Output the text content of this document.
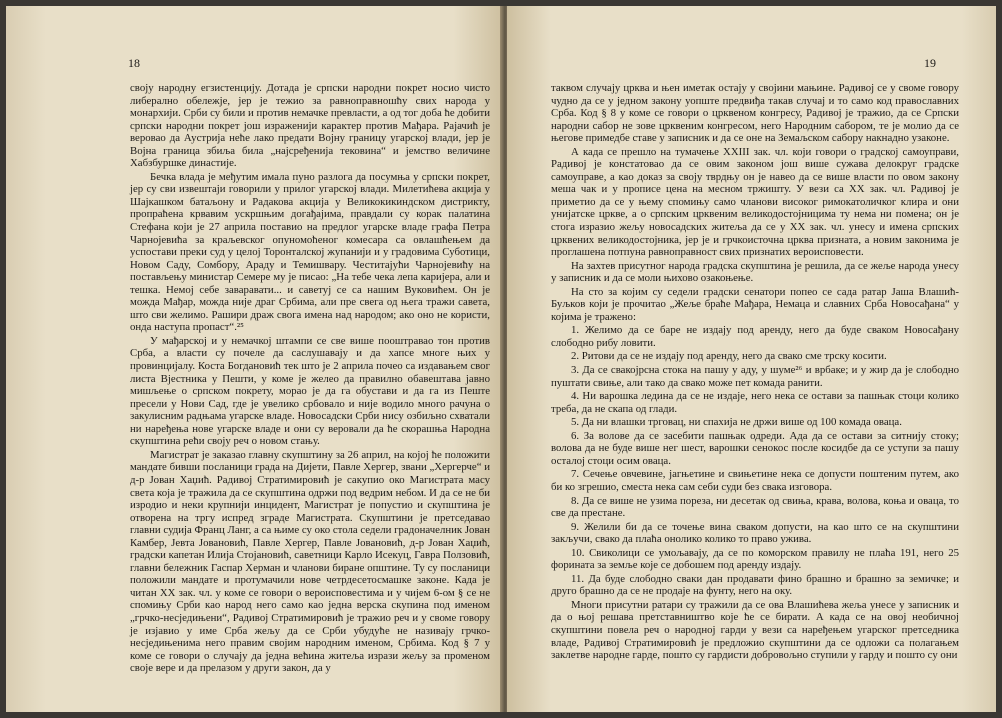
18

своју народну егзистенцију. Дотада је српски народни покрет носио чисто либерално обележје, јер је тежио за равноправношћу свих народа у монархији. Срби су били и против немачке превласти, а од тог доба ће добити српски народни покрет још израженији карактер против Мађара. Рајачић је веровао да Аустрија неће лако предати Војну границу угарској влади, јер је Војна граница збиља била „најсређенија тековина“ и јемство величине Хабзбуршке династије.

Бечка влада је међутим имала пуно разлога да посумња у српски покрет, јер су сви извештаји говорили у прилог угарској влади. Милетићева акција у Шајкашком батаљону и Радакова акција у Великокикиндском дистрикту, пропраћена крвавим ускршњим догађајима, правдали су корак палатина Стефана који је 27 априла поставио на предлог угарске владе графа Петра Чарнојевића за краљевског опуномоћеног комесара са овлашћењем да успостави преки суд у целој Торонталској жупанији и у градовима Суботици, Новом Саду, Сомбору, Араду и Темишвару. Честитајући Чарнојевићу на постављењу министар Семере му је писао: „На тебе чека лепа каријера, али и тешка. Немој себе заваравати... и саветуј се са нашим Вуковићем. Он је можда Мађар, можда није драг Србима, али пре свега од њега тражи савета, што сви желимо. Рашири драж свога имена над народом; ако оно не користи, онда наступа пропаст“.²⁵

У мађарској и у немачкој штампи се све више пооштравао тон против Срба, а власти су почеле да саслушавају и да хапсе многе њих у провинцијалу. Коста Богдановић тек што је 2 априла почео са издавањем свог листа Вјестника у Пешти, у коме је желео да правилно обавештава јавно мишљење о српском покрету, морао је да га обустави и да га из Пеште пресели у Нови Сад, где је увелико србовало и није водило много рачуна о закулисним радњама угарске владе. Новосадски Срби нису озбиљно схватали ни наређења нове угарске владе и они су веровали да ће скорашња Народна скупштина рећи своју реч о новом стању.

Магистрат је заказао главну скупштину за 26 април, на којој ће положити мандате бивши посланици града на Дијети, Павле Хергер, звани „Хергерче“ и д-р Јован Хаџић. Радивој Стратимировић је сакупио око Магистрата масу света која је тражила да се скупштина одржи под ведрим небом. И да се не би изродио и неки крупнији инцидент, Магистрат је попустио и скупштина је отворена на тргу испред зграде Магистрата. Скупштини је претседавао главни судија Франц Ланг, а са њиме су око стола седели градоначелник Јован Камбер, Јевта Јовановић, Павле Хергер, Павле Јовановић, д-р Јован Хаџић, градски капетан Илија Стојановић, саветници Карло Исекуц, Гаврa Ползовић, главни бележник Гаспар Херман и чланови биране општине. Ту су посланици положили мандате и протумачили нове четрдесетосмашке законе. Када је читан XX зак. чл. у коме се говори о вероисповестима и у чијем 6-ом § се не спомињу Срби као народ него само као једна верска скупина под именом „грчко-несједињени“, Радивој Стратимировић је тражио реч и у своме говору је изјавио у име Срба жељу да се Срби убудуће не називају грчко-несједињенима него правим својим народним именом, Србима. Код § 7 у коме се говори о случају да једна већина житеља изрази жељу за променом своје вере и да прелазом у други закон, да у

19

таквом случају црква и њен иметак остају у својини мањине. Радивој се у своме говору чудно да се у једном закону уопште предвиђа такав случај и то само код православних Срба. Код § 8 у коме се говори о црквеном конгресу, Радивој је тражио, да се Српски народни сабор не зове црквеним конгресом, него Народним сабором, те је молио да се његове примедбе ставе у записник и да се оне на Земаљском сабору накнадно узаконе.

А када се прешло на тумачење XXIII зак. чл. који говори о градској самоуправи, Радивој је констатовао да се овим законом још више сужава делокруг градске самоуправе, а као доказ за своју тврдњу он је навео да се више власти по овом закону меша чак и у прописе цена на месном тржишту. У вези са XX зак. чл. Радивој је приметио да се у њему спомињу само чланови високог римокатоличког клира и они унијатске цркве, а о српским црквеним великодостојницима ту нема ни помена; он је стога изразио жељу новосадских житеља да се у XX зак. чл. унесу и имена српских црквених великодостојника, јер је и грчкоисточна црква призната, а новим законима је проглашена потпуна равноправност свих признатих вероисповести.

На захтев присутног народа градска скупштина је решила, да се жеље народа унесу у записник и да се моли њихово озакоњење.

На сто за којим су седели градски сенатори попео се сада ратар Јаша Влашић-Буљков који је прочитао „Жеље браће Мађара, Немаца и славних Срба Новосађана“ у којима је тражено:

1. Желимо да се баре не издају под аренду, него да буде сваком Новосађану слободно рибу ловити.

2. Ритови да се не издају под аренду, него да свако сме трску косити.

3. Да се свакојрсна стока на пашу у аду, у шуме²⁶ и врбаке; и у жир да је слободно пуштати свиње, али тако да свако мoже пет комада ранити.

4. Ни варошка ледина да се не издаје, него нека се остави за пашњак стоци колико треба, да не скапа од глади.

5. Да ни влашки трговац, ни спахија не држи више од 100 комада оваца.

6. За волове да се засебити пашњак одреди. Ада да се остави за ситнију стоку; волова да не буде више нег шест, варошки сенокос после косидбе да се уступи за пашу осталој стоци осим оваца.

7. Сечење овчевине, јагњетине и свињетине нека се допусти поштеним путем, ако би ко згрешио, сместа нека сам себи суди без свака изговора.

8. Да се више не узима пореза, ни десетак од свиња, крава, волова, коња и оваца, то све да престане.

9. Желили би да се точење вина сваком допусти, на као што се на скупштини закључи, свако да плаћа онолико колико то право ужива.

10. Свиколици се умољавају, да се по коморском правилу не плаћа 191, него 25 форината за земље које се добошем под аренду издају.

11. Да буде слободно сваки дан продавати фино брашно и брашно за земичке; и друго брашно да се не продаје на фунту, него на оку.

Многи присутни ратари су тражили да се ова Влашићева жеља унесе у записник и да о њој решава претставништво које ће се бирати. А када се на овој необичној скупштини повела реч о народној гарди у вези са наређењем угарског претседника владе, Радивој Стратимировић је предложио скупштини да се одложи са полагањем заклетве народне гарде, пошто су гардисти добровољно ступили у гарду и пошто су они
